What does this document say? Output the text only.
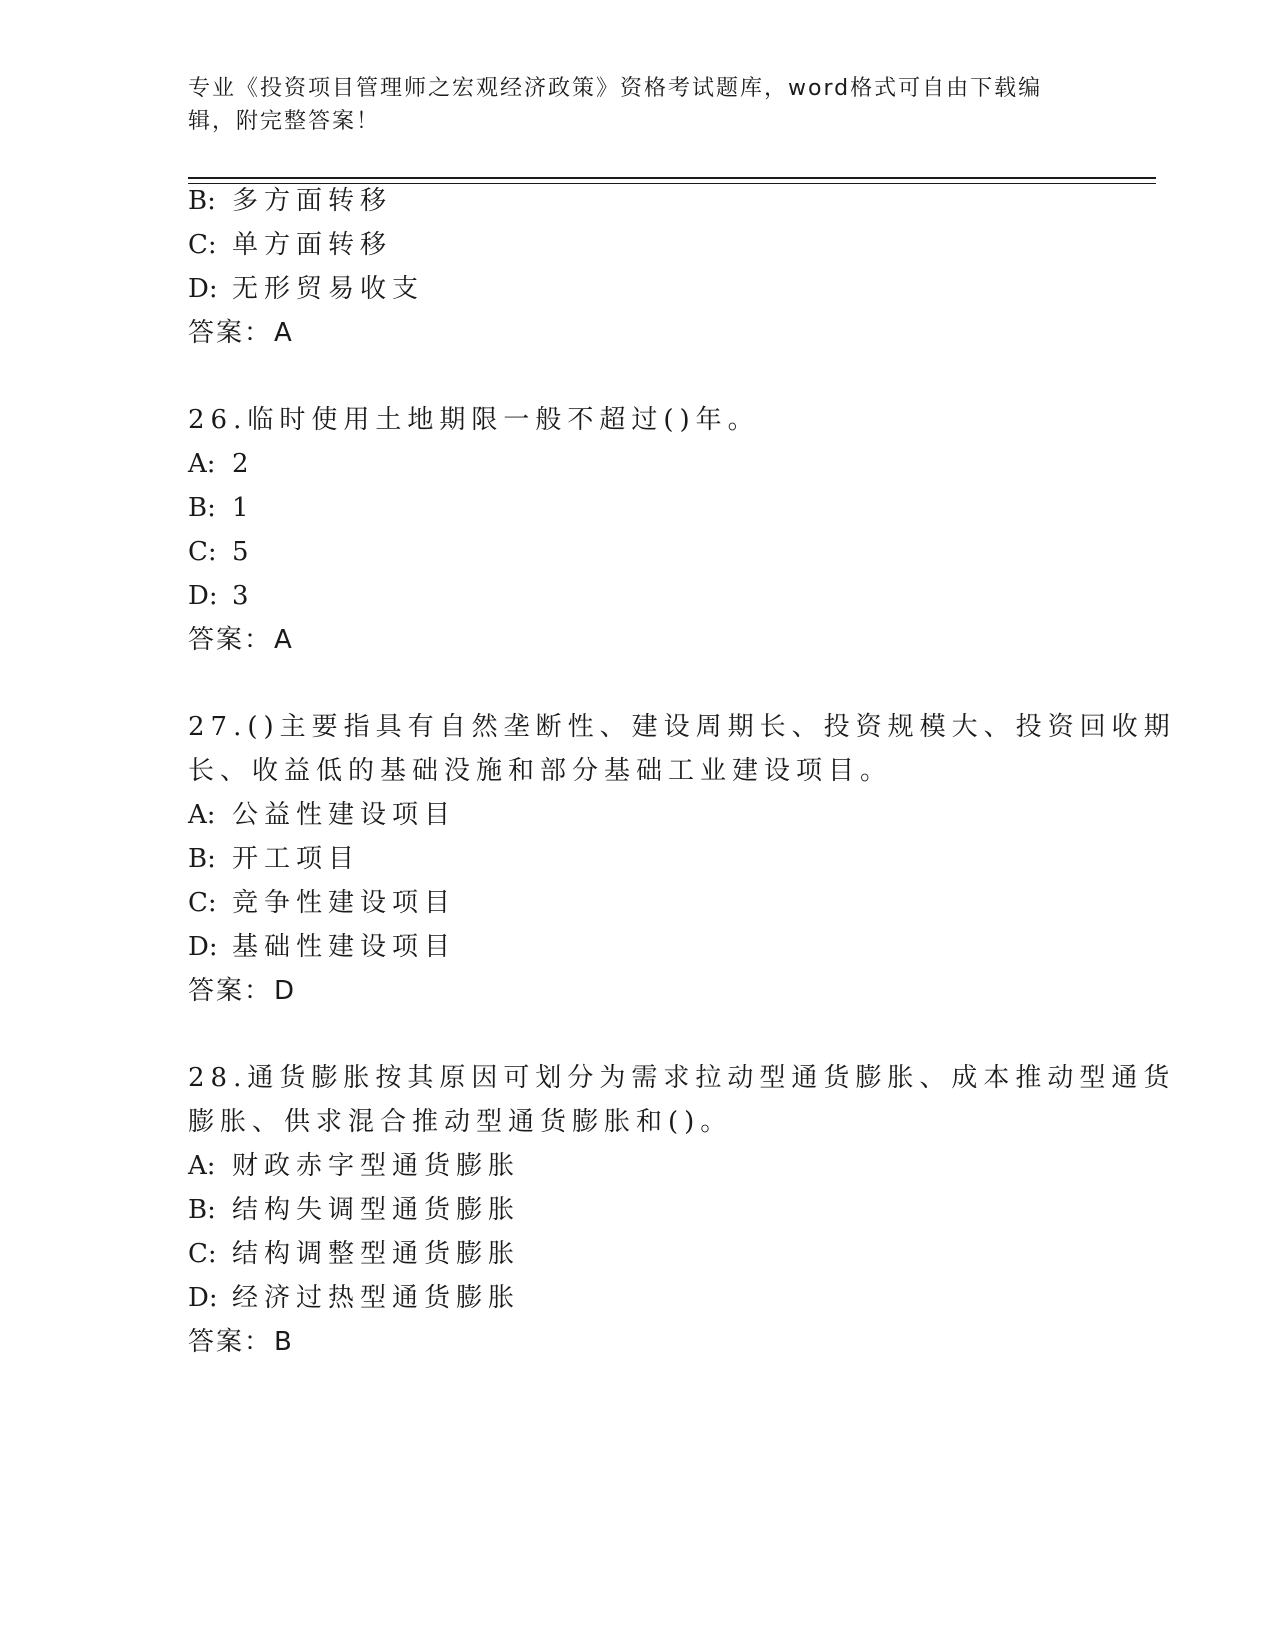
专业《投资项目管理师之宏观经济政策》资格考试题库，word格式可自由下载编
辑，附完整答案！
B: 多方面转移
C: 单方面转移
D: 无形贸易收支
答案：A
26.临时使用土地期限一般不超过()年。
A: 2
B: 1
C: 5
D: 3
答案：A
27.()主要指具有自然垄断性、建设周期长、投资规模大、投资回收期
长、收益低的基础没施和部分基础工业建设项目。
A: 公益性建设项目
B: 开工项目
C: 竞争性建设项目
D: 基础性建设项目
答案：D
28.通货膨胀按其原因可划分为需求拉动型通货膨胀、成本推动型通货
膨胀、供求混合推动型通货膨胀和()。
A: 财政赤字型通货膨胀
B: 结构失调型通货膨胀
C: 结构调整型通货膨胀
D: 经济过热型通货膨胀
答案：B
